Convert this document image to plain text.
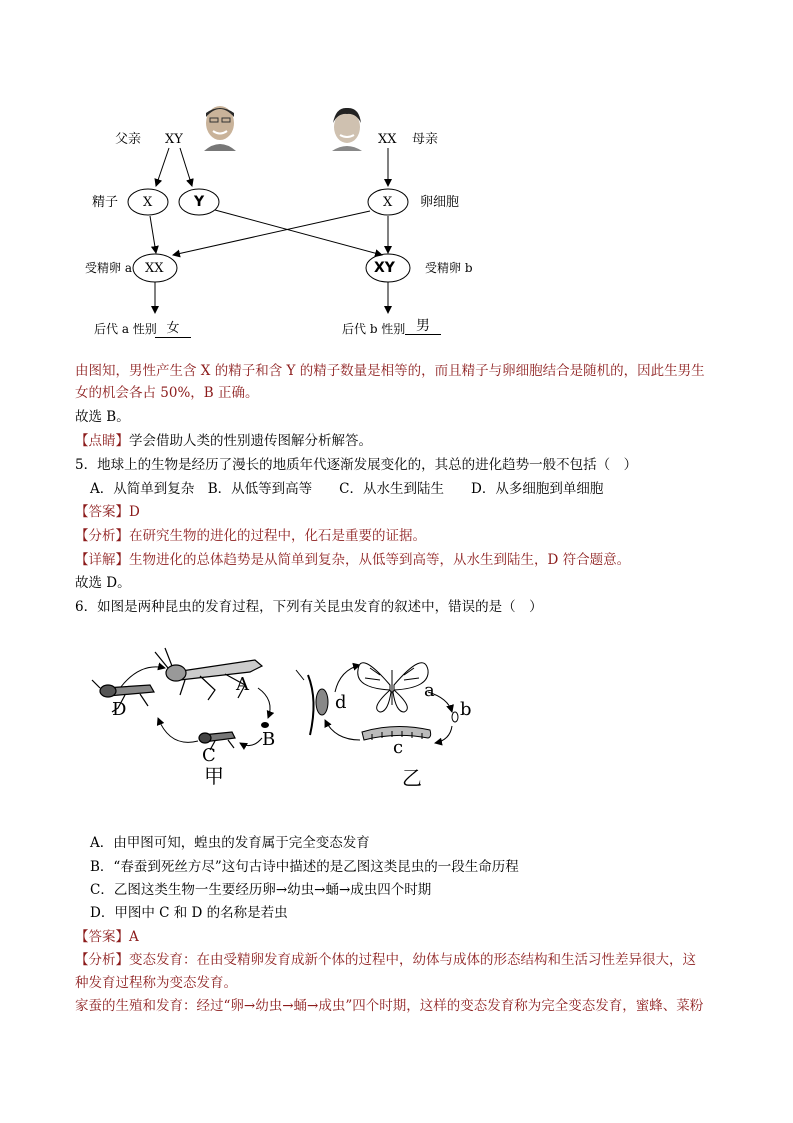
父亲 XY	XX 母亲
精子 X	Y	X 卵细胞
受精卵 a XX	XY	受精卵 b
后代 a 性别 女	后代 b 性别 男
由图知，男性产生含 X 的精子和含 Y 的精子数量是相等的，而且精子与卵细胞结合是随机的，因此生男生
女的机会各占 50%，B 正确。
故选 B。
【点睛】学会借助人类的性别遗传图解分析解答。
5．地球上的生物是经历了漫长的地质年代逐渐发展变化的，其总的进化趋势一般不包括（　）
A．从简单到复杂　B．从低等到高等　　C．从水生到陆生　　D．从多细胞到单细胞
【答案】D
【分析】在研究生物的进化的过程中，化石是重要的证据。
【详解】生物进化的总体趋势是从简单到复杂，从低等到高等，从水生到陆生，D 符合题意。
故选 D。
6．如图是两种昆虫的发育过程，下列有关昆虫发育的叙述中，错误的是（　）
A
B
C
D
甲
a
b
c
d
乙
A．由甲图可知，蝗虫的发育属于完全变态发育
B．“春蚕到死丝方尽”这句古诗中描述的是乙图这类昆虫的一段生命历程
C．乙图这类生物一生要经历卵→幼虫→蛹→成虫四个时期
D．甲图中 C 和 D 的名称是若虫
【答案】A
【分析】变态发育：在由受精卵发育成新个体的过程中，幼体与成体的形态结构和生活习性差异很大，这
种发育过程称为变态发育。
家蚕的生殖和发育：经过“卵→幼虫→蛹→成虫”四个时期，这样的变态发育称为完全变态发育，蜜蜂、菜粉
